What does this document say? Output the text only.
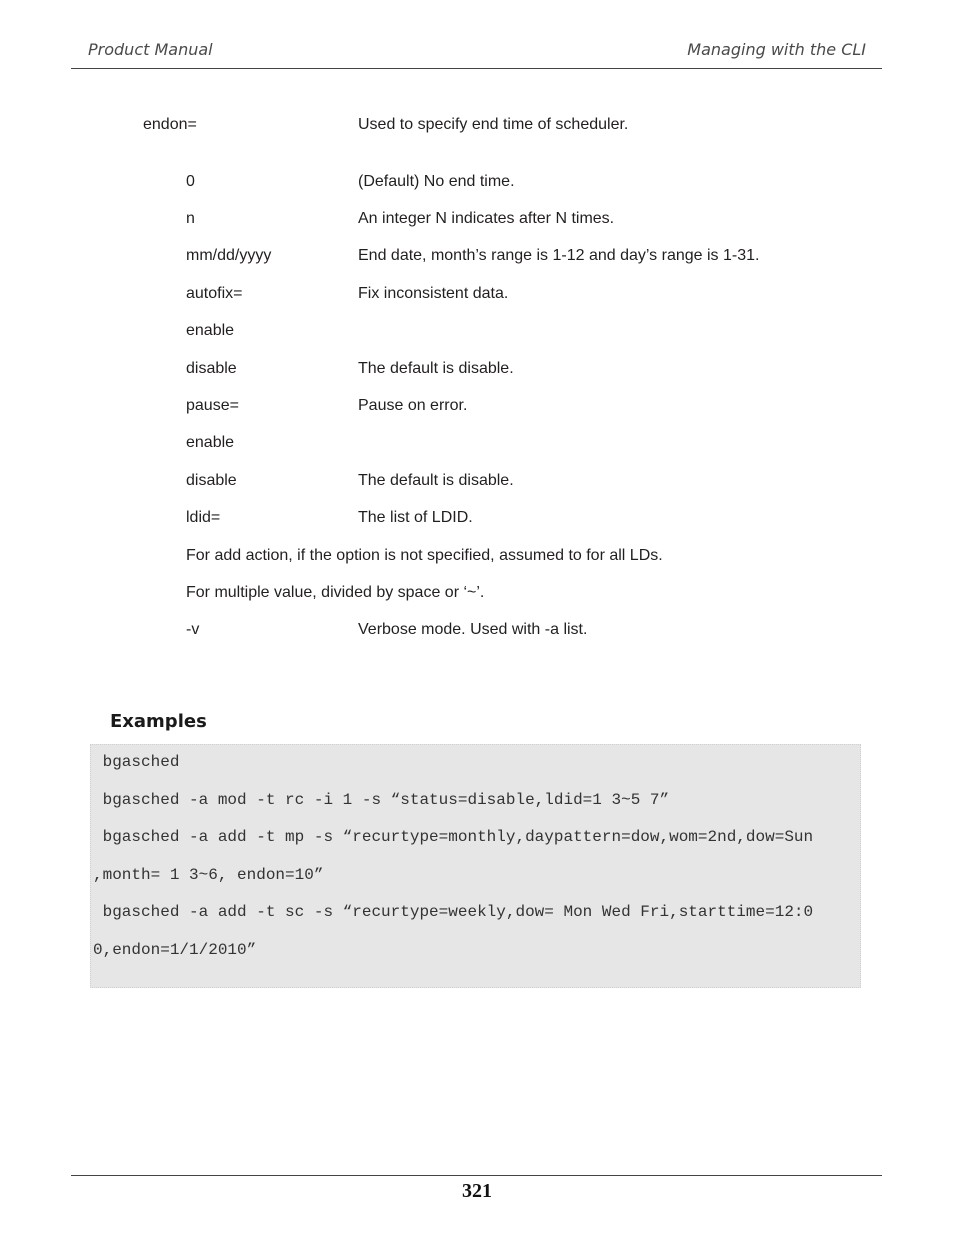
Product Manual	Managing with the CLI
endon=	Used to specify end time of scheduler.
0	(Default) No end time.
n	An integer N indicates after N times.
mm/dd/yyyy	End date, month’s range is 1-12 and day’s range is 1-31.
autofix=	Fix inconsistent data.
enable
disable	The default is disable.
pause=	Pause on error.
enable
disable	The default is disable.
ldid=	The list of LDID.
For add action, if the option is not specified, assumed to for all LDs.
For multiple value, divided by space or ‘~’.
-v	Verbose mode. Used with -a list.
Examples
bgasched
bgasched -a mod -t rc -i 1 -s “status=disable,ldid=1 3~5 7”
bgasched -a add -t mp -s “recurtype=monthly,daypattern=dow,wom=2nd,dow=Sun
,month= 1 3~6, endon=10”
bgasched -a add -t sc -s “recurtype=weekly,dow= Mon Wed Fri,starttime=12:0
0,endon=1/1/2010”
321
